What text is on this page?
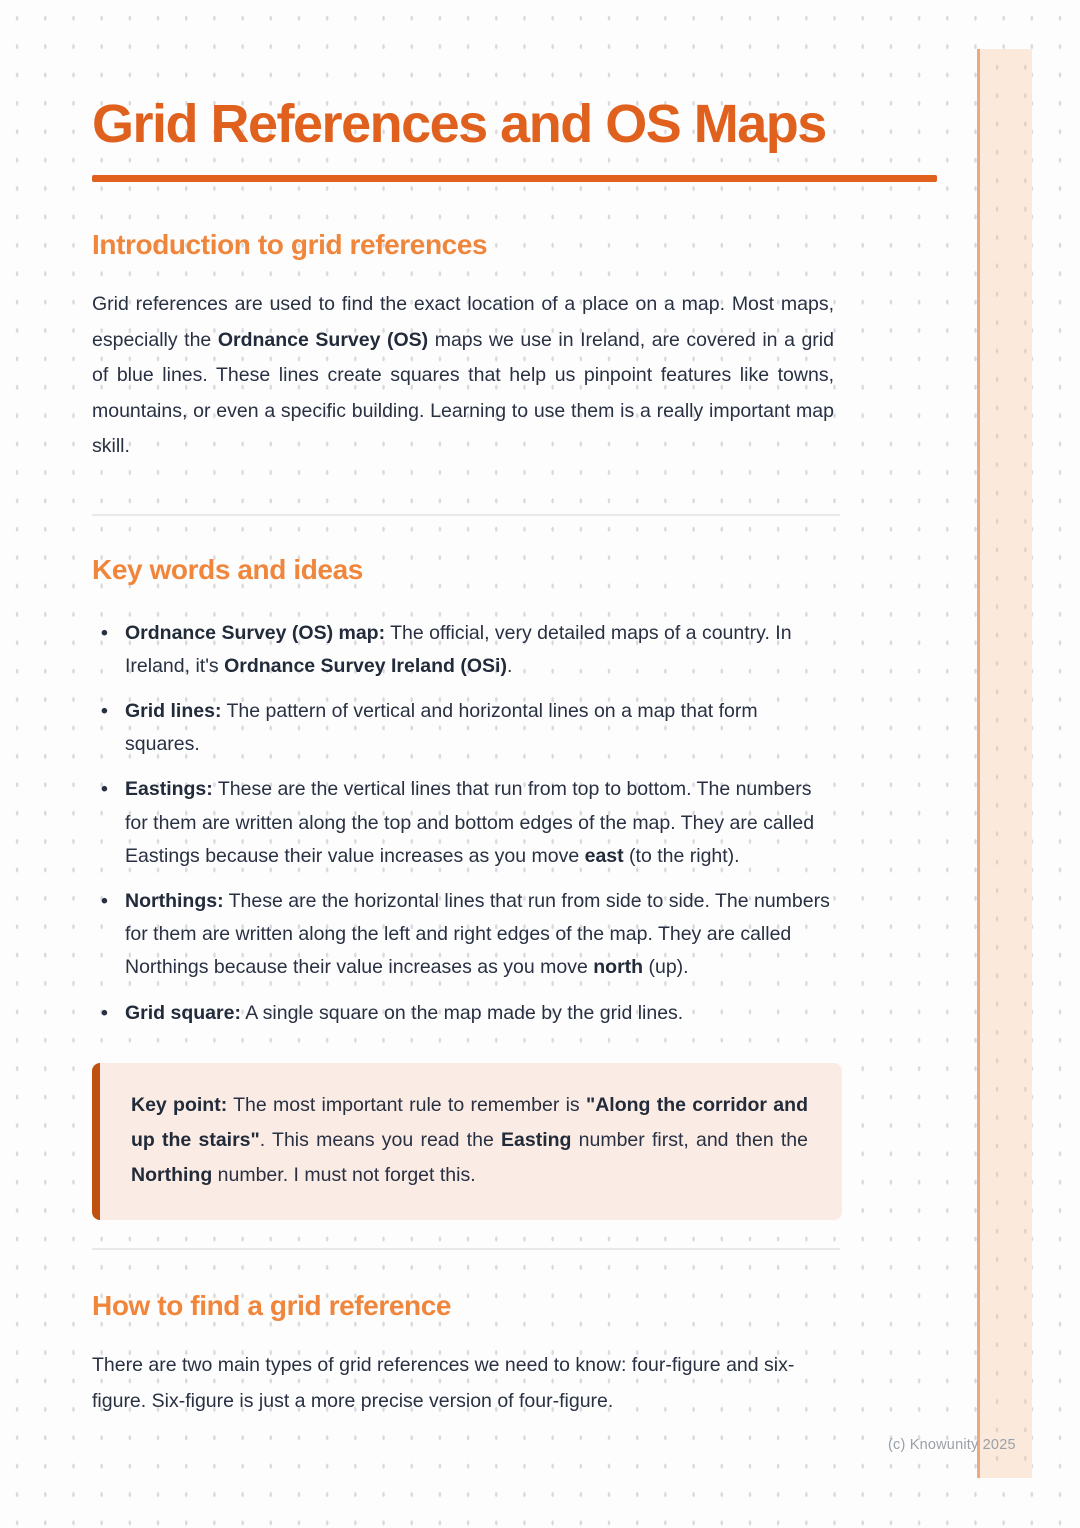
Grid References and OS Maps
Introduction to grid references

Grid references are used to find the exact location of a place on a map. Most maps, especially the Ordnance Survey (OS) maps we use in Ireland, are covered in a grid of blue lines. These lines create squares that help us pinpoint features like towns, mountains, or even a specific building. Learning to use them is a really important map skill.

Key words and ideas
• Ordnance Survey (OS) map: The official, very detailed maps of a country. In Ireland, it's Ordnance Survey Ireland (OSi).
• Grid lines: The pattern of vertical and horizontal lines on a map that form squares.
• Eastings: These are the vertical lines that run from top to bottom. The numbers for them are written along the top and bottom edges of the map. They are called Eastings because their value increases as you move east (to the right).
• Northings: These are the horizontal lines that run from side to side. The numbers for them are written along the left and right edges of the map. They are called Northings because their value increases as you move north (up).
• Grid square: A single square on the map made by the grid lines.

Key point: The most important rule to remember is "Along the corridor and up the stairs". This means you read the Easting number first, and then the Northing number. I must not forget this.

How to find a grid reference

There are two main types of grid references we need to know: four-figure and six-figure. Six-figure is just a more precise version of four-figure.

(c) Knowunity 2025
